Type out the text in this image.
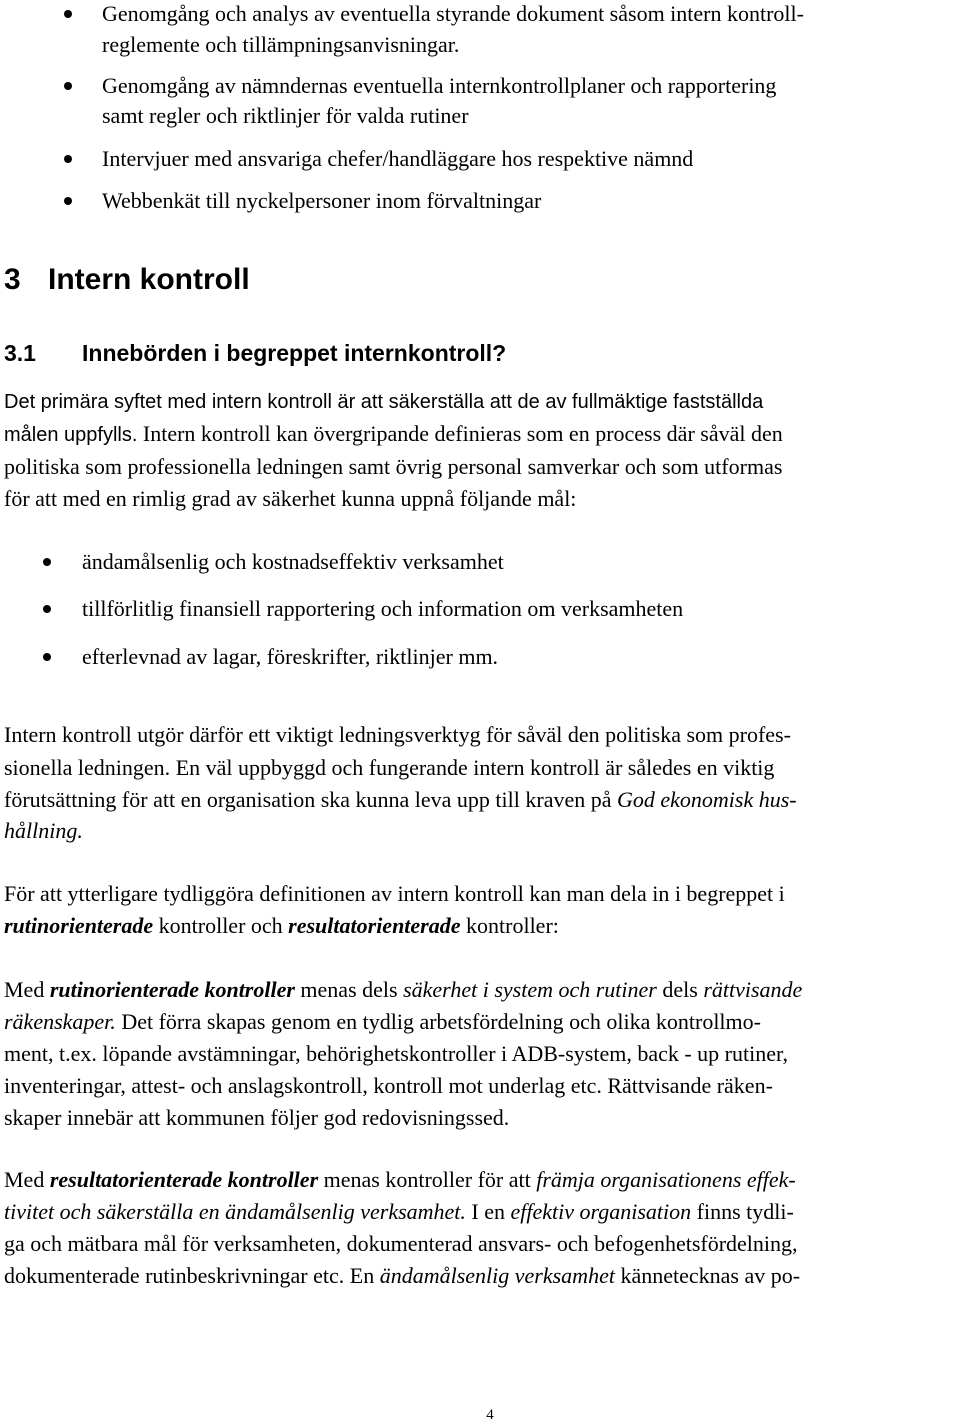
Genomgång och analys av eventuella styrande dokument såsom intern kontroll-
reglemente och tillämpningsanvisningar.
Genomgång av nämndernas eventuella internkontrollplaner och rapportering
samt regler och riktlinjer för valda rutiner
Intervjuer med ansvariga chefer/handläggare hos respektive nämnd
Webbenkät till nyckelpersoner inom förvaltningar
3 Intern kontroll
3.1 Innebörden i begreppet internkontroll?
Det primära syftet med intern kontroll är att säkerställa att de av fullmäktige fastställda
målen uppfylls. Intern kontroll kan övergripande definieras som en process där såväl den
politiska som professionella ledningen samt övrig personal samverkar och som utformas
för att med en rimlig grad av säkerhet kunna uppnå följande mål:
ändamålsenlig och kostnadseffektiv verksamhet
tillförlitlig finansiell rapportering och information om verksamheten
efterlevnad av lagar, föreskrifter, riktlinjer mm.
Intern kontroll utgör därför ett viktigt ledningsverktyg för såväl den politiska som profes-
sionella ledningen. En väl uppbyggd och fungerande intern kontroll är således en viktig
förutsättning för att en organisation ska kunna leva upp till kraven på God ekonomisk hus-
hållning.
För att ytterligare tydliggöra definitionen av intern kontroll kan man dela in i begreppet i
rutinorienterade kontroller och resultatorienterade kontroller:
Med rutinorienterade kontroller menas dels säkerhet i system och rutiner dels rättvisande
räkenskaper. Det förra skapas genom en tydlig arbetsfördelning och olika kontrollmo-
ment, t.ex. löpande avstämningar, behörighetskontroller i ADB-system, back - up rutiner,
inventeringar, attest- och anslagskontroll, kontroll mot underlag etc. Rättvisande räken-
skaper innebär att kommunen följer god redovisningssed.
Med resultatorienterade kontroller menas kontroller för att främja organisationens effek-
tivitet och säkerställa en ändamålsenlig verksamhet. I en effektiv organisation finns tydli-
ga och mätbara mål för verksamheten, dokumenterad ansvars- och befogenhetsfördelning,
dokumenterade rutinbeskrivningar etc. En ändamålsenlig verksamhet kännetecknas av po-
4
